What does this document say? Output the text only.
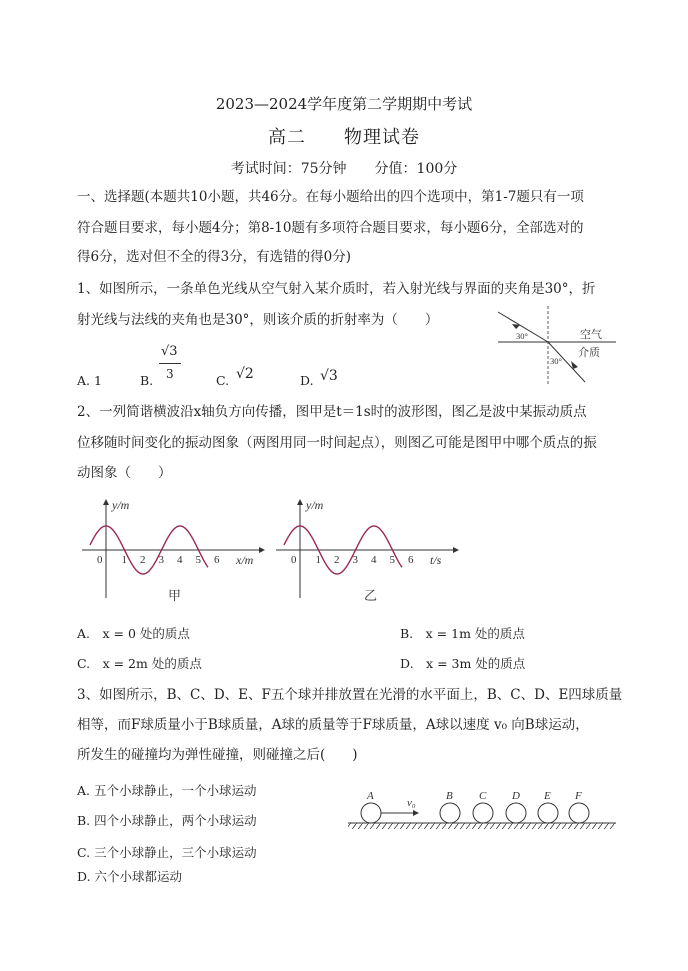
2023—2024学年度第二学期期中考试
高二　　物理试卷
考试时间：75分钟　　分值：100分
一、选择题(本题共10小题，共46分。在每小题给出的四个选项中，第1-7题只有一项
符合题目要求，每小题4分；第8-10题有多项符合题目要求，每小题6分，全部选对的
得6分，选对但不全的得3分，有选错的得0分)
1、如图所示，一条单色光线从空气射入某介质时，若入射光线与界面的夹角是30°，折
射光线与法线的夹角也是30°，则该介质的折射率为（　　）
30°
30°
空气
介质
A. 1	B.
√3
3	C. √2	D. √3
2、一列简谐横波沿x轴负方向传播，图甲是t＝1s时的波形图，图乙是波中某振动质点
位移随时间变化的振动图象（两图用同一时间起点），则图乙可能是图甲中哪个质点的振
动图象（　　）
y/m
x/m
0 1 2 3 4 5 6
甲
y/m
t/s
0 1 2 3 4 5 6
乙
A.　x = 0 处的质点	B.　x = 1m 处的质点
C.　x = 2m 处的质点	D.　x = 3m 处的质点
3、如图所示，B、C、D、E、F五个球并排放置在光滑的水平面上，B、C、D、E四球质量
相等，而F球质量小于B球质量，A球的质量等于F球质量，A球以速度 v₀ 向B球运动，
所发生的碰撞均为弹性碰撞，则碰撞之后(　　)
A. 五个小球静止，一个小球运动
B. 四个小球静止，两个小球运动
C. 三个小球静止，三个小球运动
D. 六个小球都运动
v₀
A	B C D E F
